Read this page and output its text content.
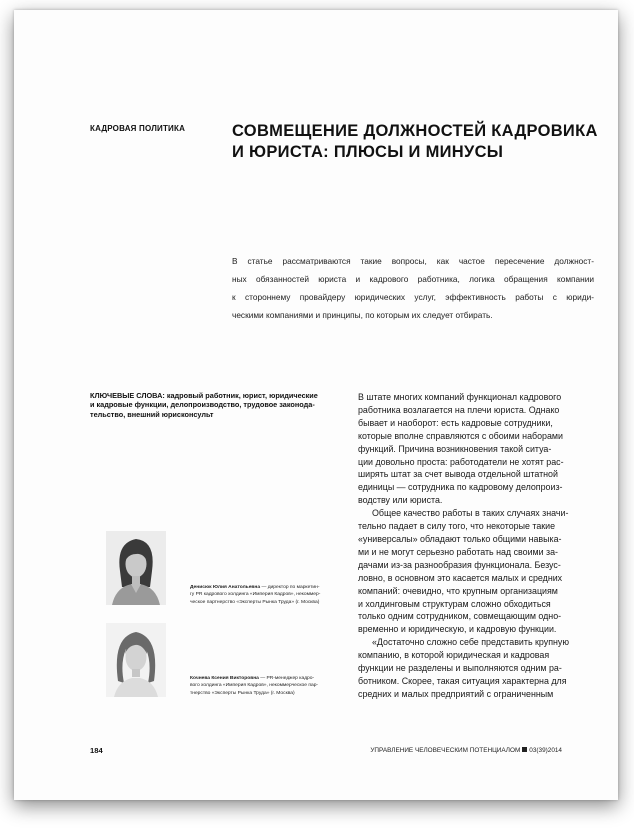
КАДРОВАЯ ПОЛИТИКА	СОВМЕЩЕНИЕ ДОЛЖНОСТЕЙ КАДРОВИКА
И ЮРИСТА: ПЛЮСЫ И МИНУСЫ
В статье рассматриваются такие вопросы, как частое пересечение должност-
ных обязанностей юриста и кадрового работника, логика обращения компании
к стороннему провайдеру юридических услуг, эффективность работы с юриди-
ческими компаниями и принципы, по которым их следует отбирать.
КЛЮЧЕВЫЕ СЛОВА: кадровый работник, юрист, юридические
и кадровые функции, делопроизводство, трудовое законода-
тельство, внешний юрисконсульт
В штате многих компаний функционал кадрового
работника возлагается на плечи юриста. Однако
бывает и наоборот: есть кадровые сотрудники,
которые вполне справляются с обоими наборами
функций. Причина возникновения такой ситуа-
ции довольно проста: работодатели не хотят рас-
ширять штат за счет вывода отдельной штатной
единицы — сотрудника по кадровому делопроиз-
водству или юриста.
Общее качество работы в таких случаях значи-
тельно падает в силу того, что некоторые такие
«универсалы» обладают только общими навыка-
ми и не могут серьезно работать над своими за-
дачами из-за разнообразия функционала. Безус-
ловно, в основном это касается малых и средних
компаний: очевидно, что крупным организациям
и холдинговым структурам сложно обходиться
только одним сотрудником, совмещающим одно-
временно и юридическую, и кадровую функции.
«Достаточно сложно себе представить крупную
компанию, в которой юридическая и кадровая
функции не разделены и выполняются одним ра-
ботником. Скорее, такая ситуация характерна для
средних и малых предприятий с ограниченным
Денисюк Юлия Анатольевна — директор по маркетин-
гу PR кадрового холдинга «Империя Кадров», некоммер-
ческое партнерство «Эксперты Рынка Труда» (г. Москва)
Кочнева Ксения Викторовна — PR-менеджер кадро-
вого холдинга «Империя Кадров», некоммерческое пар-
тнерство «Эксперты Рынка Труда» (г. Москва)
184	УПРАВЛЕНИЕ ЧЕЛОВЕЧЕСКИМ ПОТЕНЦИАЛОМ 03(39)2014
